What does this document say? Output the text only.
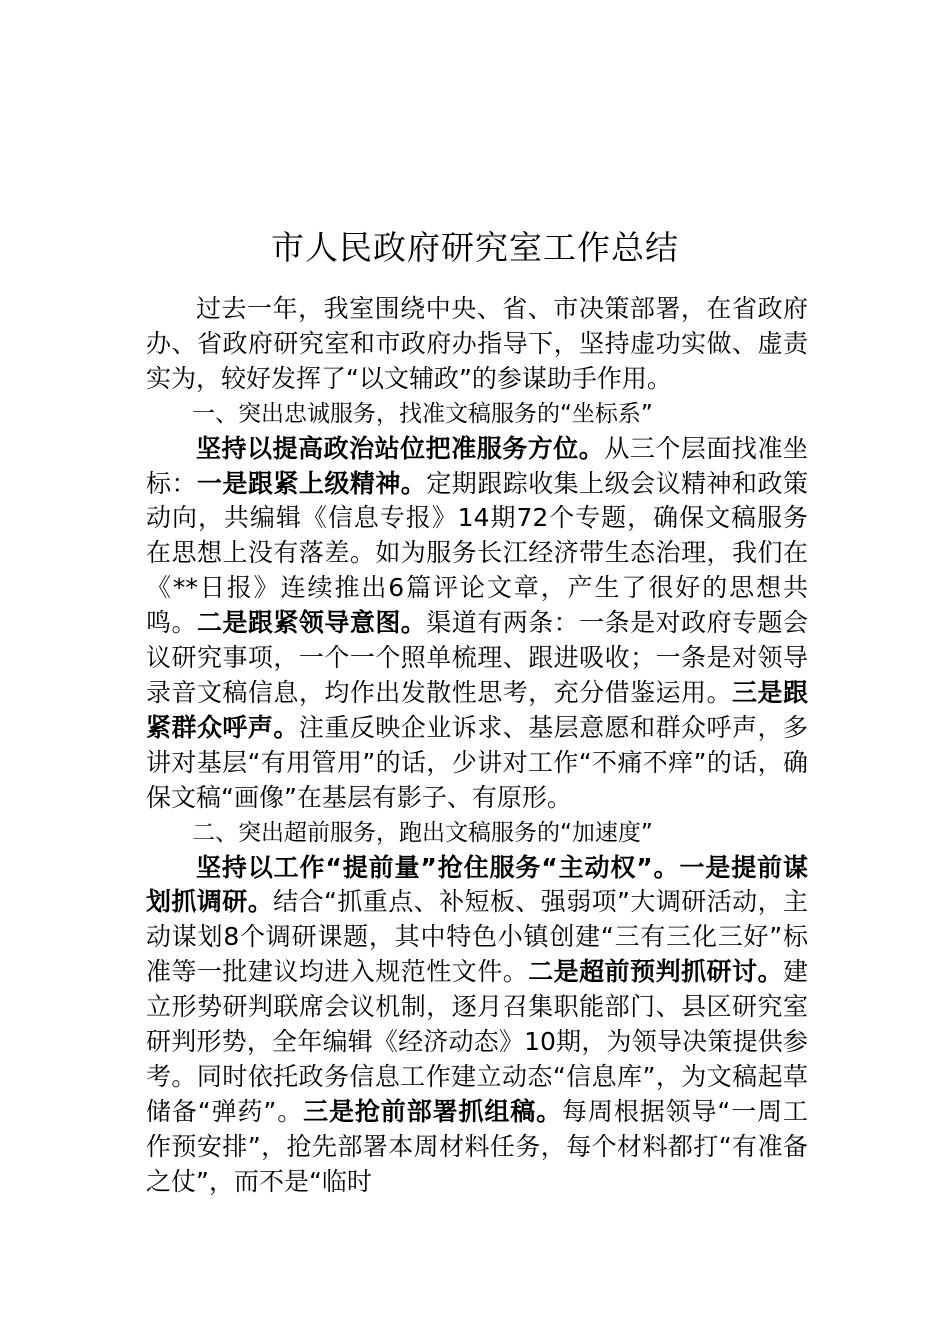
市人民政府研究室工作总结

过去一年，我室围绕中央、省、市决策部署，在省政府办、省政府研究室和市政府办指导下，坚持虚功实做、虚责实为，较好发挥了“以文辅政”的参谋助手作用。

一、突出忠诚服务，找准文稿服务的“坐标系”

坚持以提高政治站位把准服务方位。从三个层面找准坐标：一是跟紧上级精神。定期跟踪收集上级会议精神和政策动向，共编辑《信息专报》14期72个专题，确保文稿服务在思想上没有落差。如为服务长江经济带生态治理，我们在《**日报》连续推出6篇评论文章，产生了很好的思想共鸣。二是跟紧领导意图。渠道有两条：一条是对政府专题会议研究事项，一个一个照单梳理、跟进吸收；一条是对领导录音文稿信息，均作出发散性思考，充分借鉴运用。三是跟紧群众呼声。注重反映企业诉求、基层意愿和群众呼声，多讲对基层“有用管用”的话，少讲对工作“不痛不痒”的话，确保文稿“画像”在基层有影子、有原形。

二、突出超前服务，跑出文稿服务的“加速度”

坚持以工作“提前量”抢住服务“主动权”。一是提前谋划抓调研。结合“抓重点、补短板、强弱项”大调研活动，主动谋划8个调研课题，其中特色小镇创建“三有三化三好”标准等一批建议均进入规范性文件。二是超前预判抓研讨。建立形势研判联席会议机制，逐月召集职能部门、县区研究室研判形势，全年编辑《经济动态》10期，为领导决策提供参考。同时依托政务信息工作建立动态“信息库”，为文稿起草储备“弹药”。三是抢前部署抓组稿。每周根据领导“一周工作预安排”，抢先部署本周材料任务，每个材料都打“有准备之仗”，而不是“临时
